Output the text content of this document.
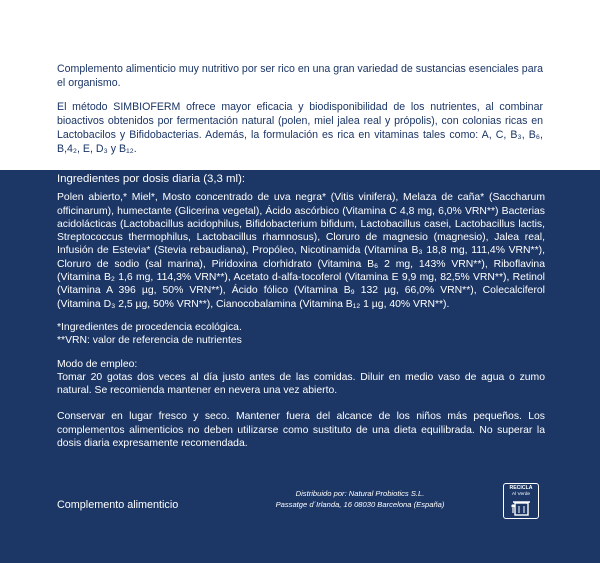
Complemento alimenticio muy nutritivo por ser rico en una gran variedad de sustancias esenciales para el organismo.

El método SIMBIOFERM ofrece mayor eficacia y biodisponibilidad de los nutrientes, al combinar bioactivos obtenidos por fermentación natural (polen, miel jalea real y própolis), con colonias ricas en Lactobacilos y Bifidobacterias. Además, la formulación es rica en vitaminas tales como: A, C, B₃, B₆, B,4₂, E, D₃ y B₁₂.

Ingredientes por dosis diaria (3,3 ml):

Polen abierto,* Miel*, Mosto concentrado de uva negra* (Vitis vinifera), Melaza de caña* (Saccharum officinarum), humectante (Glicerina vegetal), Ácido ascórbico (Vitamina C 4,8 mg, 6,0% VRN**) Bacterias acidolácticas (Lactobacillus acidophilus, Bifidobacterium bifidum, Lactobacillus casei, Lactobacillus lactis, Streptococcus thermophilus, Lactobacillus rhamnosus), Cloruro de magnesio (magnesio), Jalea real, Infusión de Estevia* (Stevia rebaudiana), Propóleo, Nicotinamida (Vitamina B₃ 18,8 mg, 111,4% VRN**), Cloruro de sodio (sal marina), Piridoxina clorhidrato (Vitamina B₆ 2 mg, 143% VRN**), Riboflavina (Vitamina B₂ 1,6 mg, 114,3% VRN**), Acetato d-alfa-tocoferol (Vitamina E 9,9 mg, 82,5% VRN**), Retinol (Vitamina A 396 µg, 50% VRN**), Ácido fólico (Vitamina B₉ 132 µg, 66,0% VRN**), Colecalciferol (Vitamina D₃ 2,5 µg, 50% VRN**), Cianocobalamina (Vitamina B₁₂ 1 µg, 40% VRN**).

*Ingredientes de procedencia ecológica.

**VRN: valor de referencia de nutrientes

Modo de empleo:

Tomar 20 gotas dos veces al día justo antes de las comidas. Diluir en medio vaso de agua o zumo natural. Se recomienda mantener en nevera una vez abierto.

Conservar en lugar fresco y seco. Mantener fuera del alcance de los niños más pequeños. Los complementos alimenticios no deben utilizarse como sustituto de una dieta equilibrada. No superar la dosis diaria expresamente recomendada.

Complemento alimenticio
Distribuido por: Natural Probiotics S.L.
Passatge d´Irlanda, 16 08030 Barcelona (España)
RECICLA
Al Verde
